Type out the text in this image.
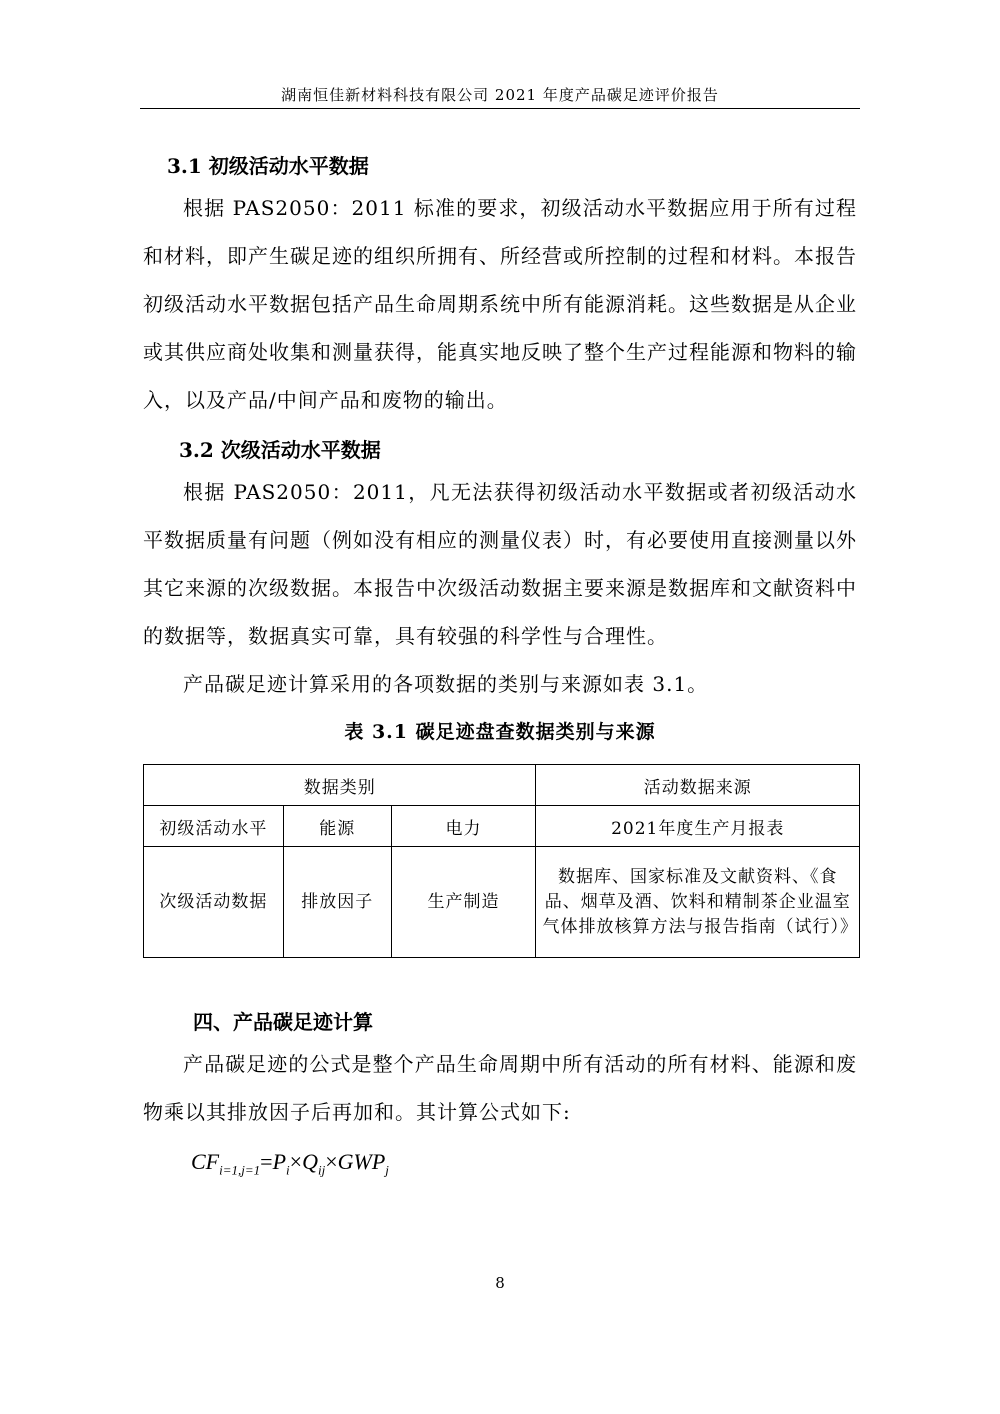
湖南恒佳新材料科技有限公司 2021 年度产品碳足迹评价报告
3.1 初级活动水平数据

根据 PAS2050：2011 标准的要求，初级活动水平数据应用于所有过程和材料，即产生碳足迹的组织所拥有、所经营或所控制的过程和材料。本报告初级活动水平数据包括产品生命周期系统中所有能源消耗。这些数据是从企业或其供应商处收集和测量获得，能真实地反映了整个生产过程能源和物料的输入，以及产品/中间产品和废物的输出。

3.2 次级活动水平数据

根据 PAS2050：2011，凡无法获得初级活动水平数据或者初级活动水平数据质量有问题（例如没有相应的测量仪表）时，有必要使用直接测量以外其它来源的次级数据。本报告中次级活动数据主要来源是数据库和文献资料中的数据等，数据真实可靠，具有较强的科学性与合理性。

产品碳足迹计算采用的各项数据的类别与来源如表 3.1。

表 3.1 碳足迹盘查数据类别与来源
数据类别			活动数据来源
初级活动水平	能源	电力	2021年度生产月报表
次级活动数据	排放因子	生产制造	数据库、国家标准及文献资料、《食品、烟草及酒、饮料和精制茶企业温室气体排放核算方法与报告指南（试行）》
四、产品碳足迹计算

产品碳足迹的公式是整个产品生命周期中所有活动的所有材料、能源和废物乘以其排放因子后再加和。其计算公式如下:

$CF_{i=1,j=1}=P_i\times Q_{ij}\times GWP_j$
8
